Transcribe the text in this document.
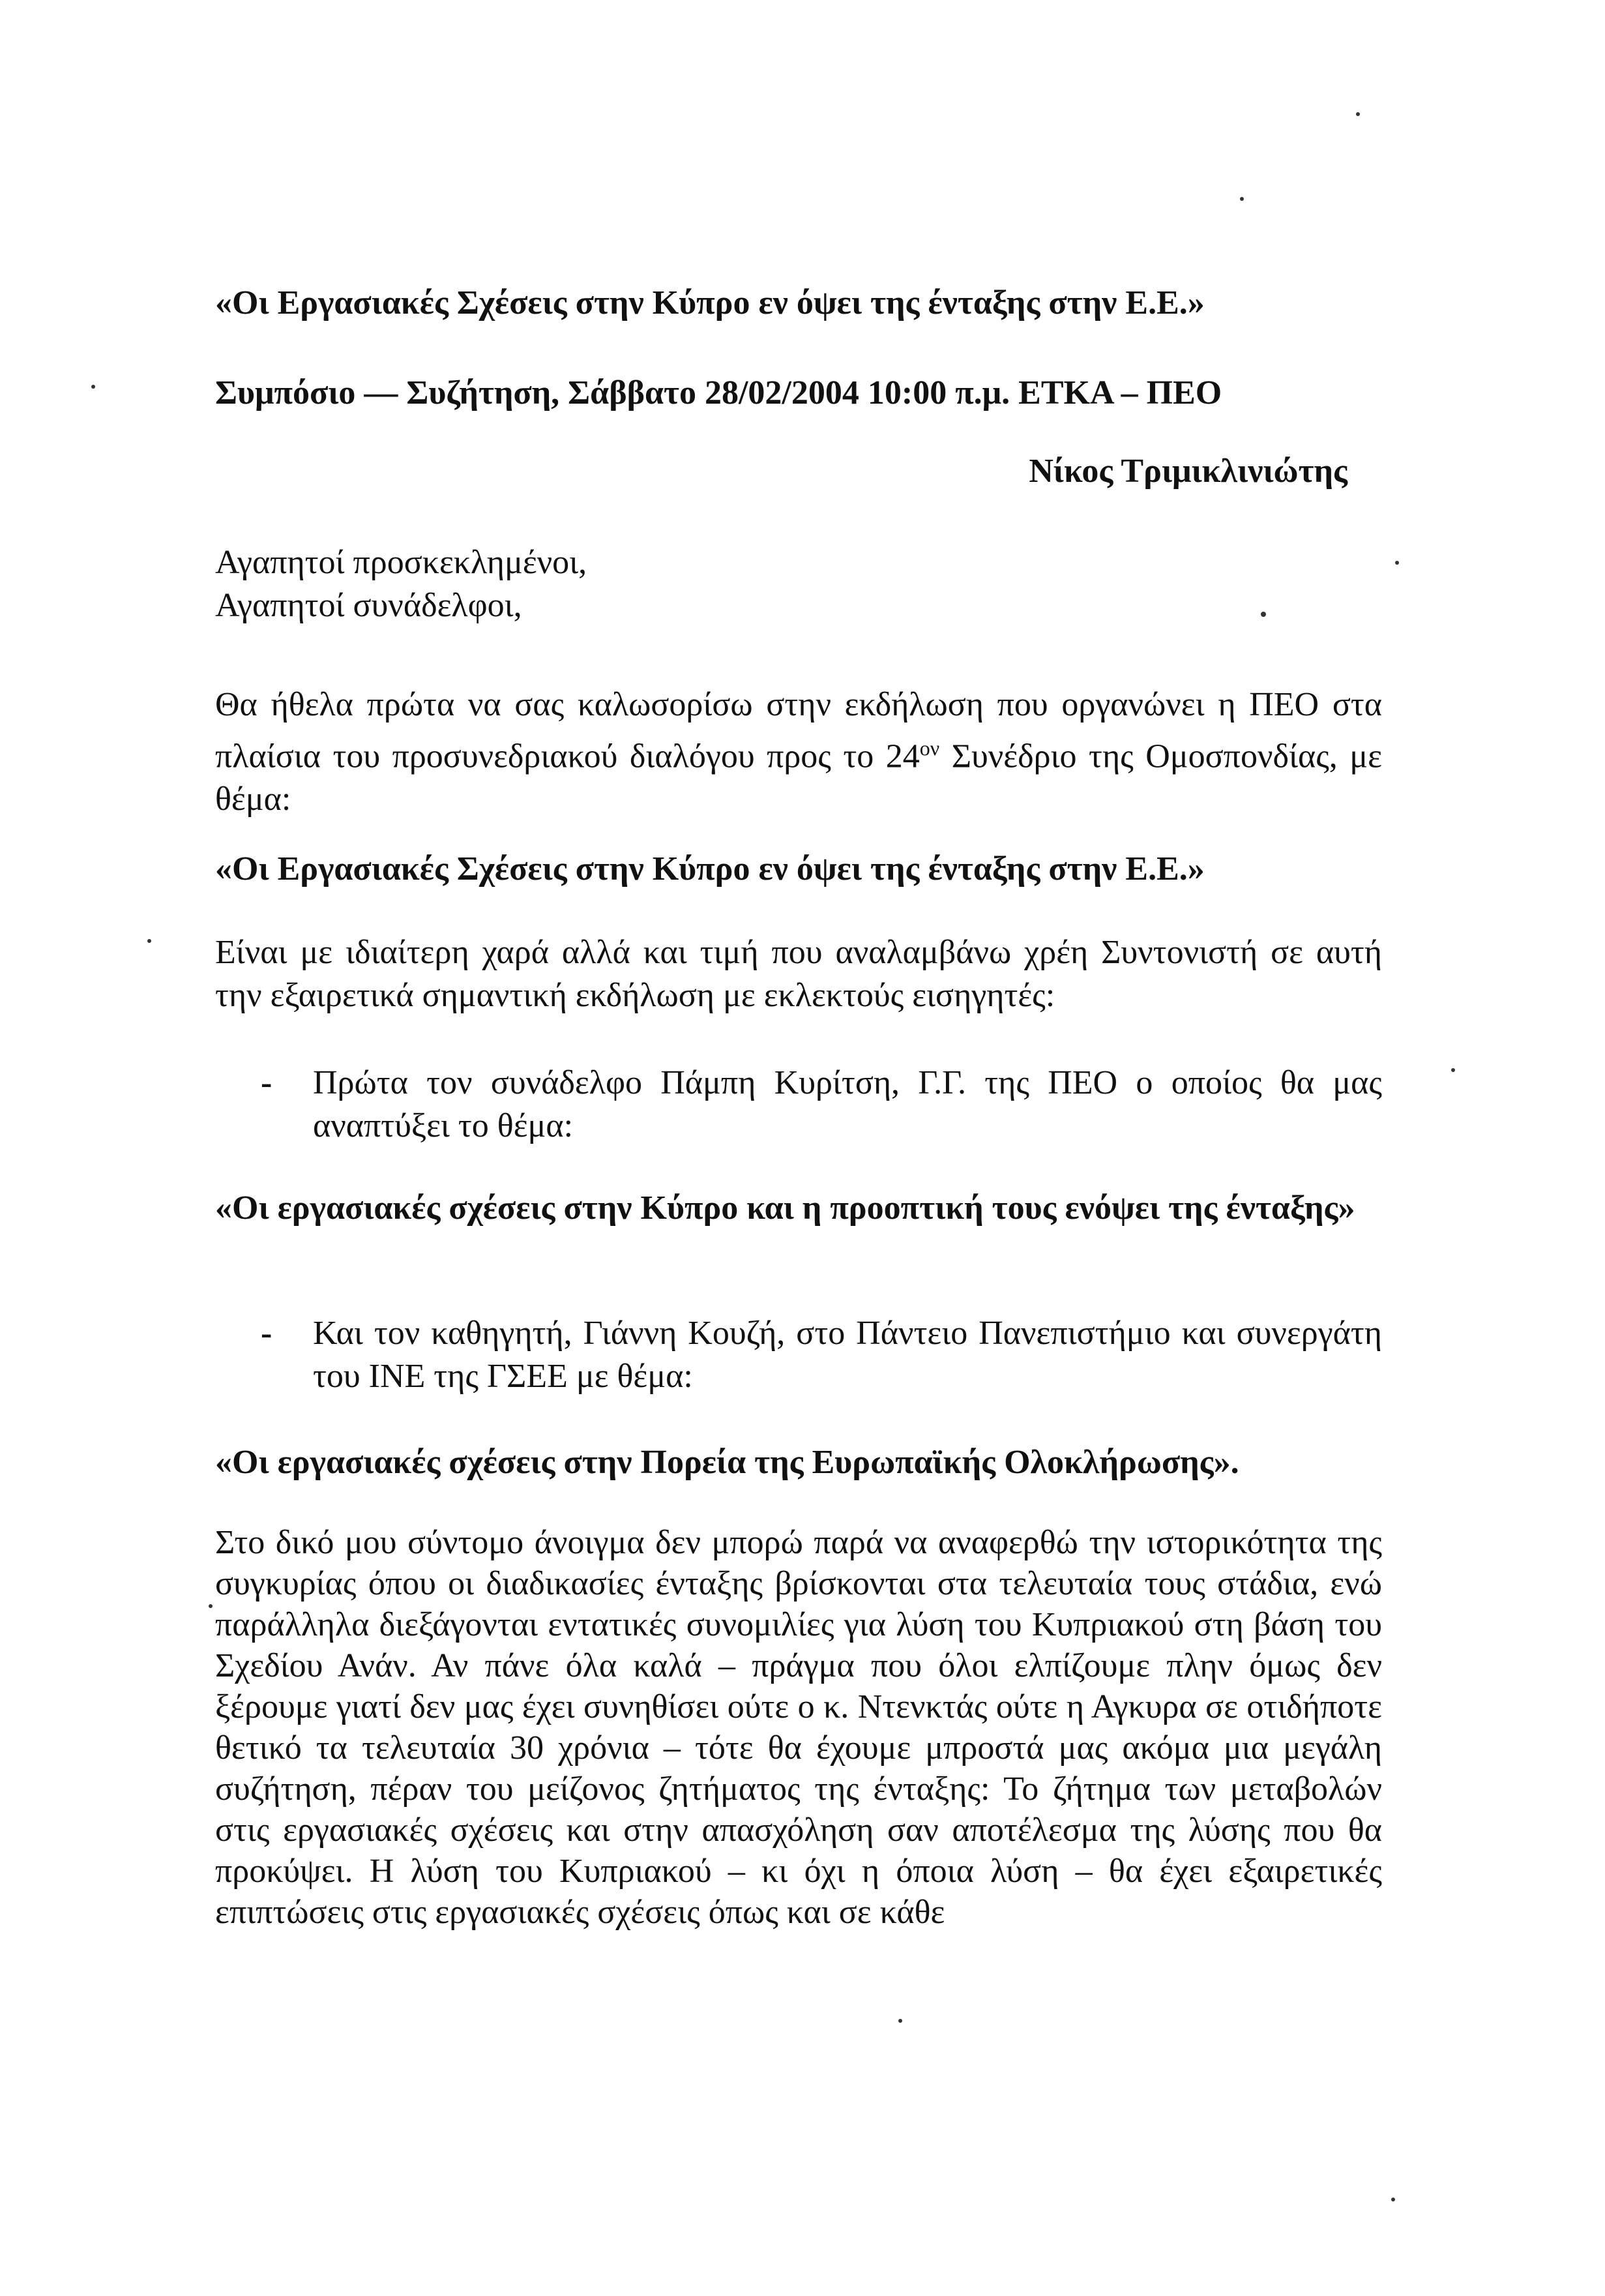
«Οι Εργασιακές Σχέσεις στην Κύπρο εν όψει της ένταξης στην Ε.Ε.»

Συμπόσιο — Συζήτηση, Σάββατο 28/02/2004 10:00 π.μ. ΕΤΚΑ – ΠΕΟ

Νίκος Τριμικλινιώτης

Αγαπητοί προσκεκλημένοι,
Αγαπητοί συνάδελφοι,

Θα ήθελα πρώτα να σας καλωσορίσω στην εκδήλωση που οργανώνει η ΠΕΟ στα πλαίσια του προσυνεδριακού διαλόγου προς το $24^{o\nu}$ Συνέδριο της Ομοσπονδίας, με θέμα:

«Οι Εργασιακές Σχέσεις στην Κύπρο εν όψει της ένταξης στην Ε.Ε.»

Είναι με ιδιαίτερη χαρά αλλά και τιμή που αναλαμβάνω χρέη Συντονιστή σε αυτή την εξαιρετικά σημαντική εκδήλωση με εκλεκτούς εισηγητές:

- Πρώτα τον συνάδελφο Πάμπη Κυρίτση, Γ.Γ. της ΠΕΟ ο οποίος θα μας αναπτύξει το θέμα:

«Οι εργασιακές σχέσεις στην Κύπρο και η προοπτική τους ενόψει της ένταξης»

- Και τον καθηγητή, Γιάννη Κουζή, στο Πάντειο Πανεπιστήμιο και συνεργάτη του ΙΝΕ της ΓΣΕΕ με θέμα:

«Οι εργασιακές σχέσεις στην Πορεία της Ευρωπαϊκής Ολοκλήρωσης».

Στο δικό μου σύντομο άνοιγμα δεν μπορώ παρά να αναφερθώ την ιστορικότητα της συγκυρίας όπου οι διαδικασίες ένταξης βρίσκονται στα τελευταία τους στάδια, ενώ παράλληλα διεξάγονται εντατικές συνομιλίες για λύση του Κυπριακού στη βάση του Σχεδίου Ανάν. Αν πάνε όλα καλά – πράγμα που όλοι ελπίζουμε πλην όμως δεν ξέρουμε γιατί δεν μας έχει συνηθίσει ούτε ο κ. Ντενκτάς ούτε η Αγκυρα σε οτιδήποτε θετικό τα τελευταία 30 χρόνια – τότε θα έχουμε μπροστά μας ακόμα μια μεγάλη συζήτηση, πέραν του μείζονος ζητήματος της ένταξης: Το ζήτημα των μεταβολών στις εργασιακές σχέσεις και στην απασχόληση σαν αποτέλεσμα της λύσης που θα προκύψει. Η λύση του Κυπριακού – κι όχι η όποια λύση – θα έχει εξαιρετικές επιπτώσεις στις εργασιακές σχέσεις όπως και σε κάθε
